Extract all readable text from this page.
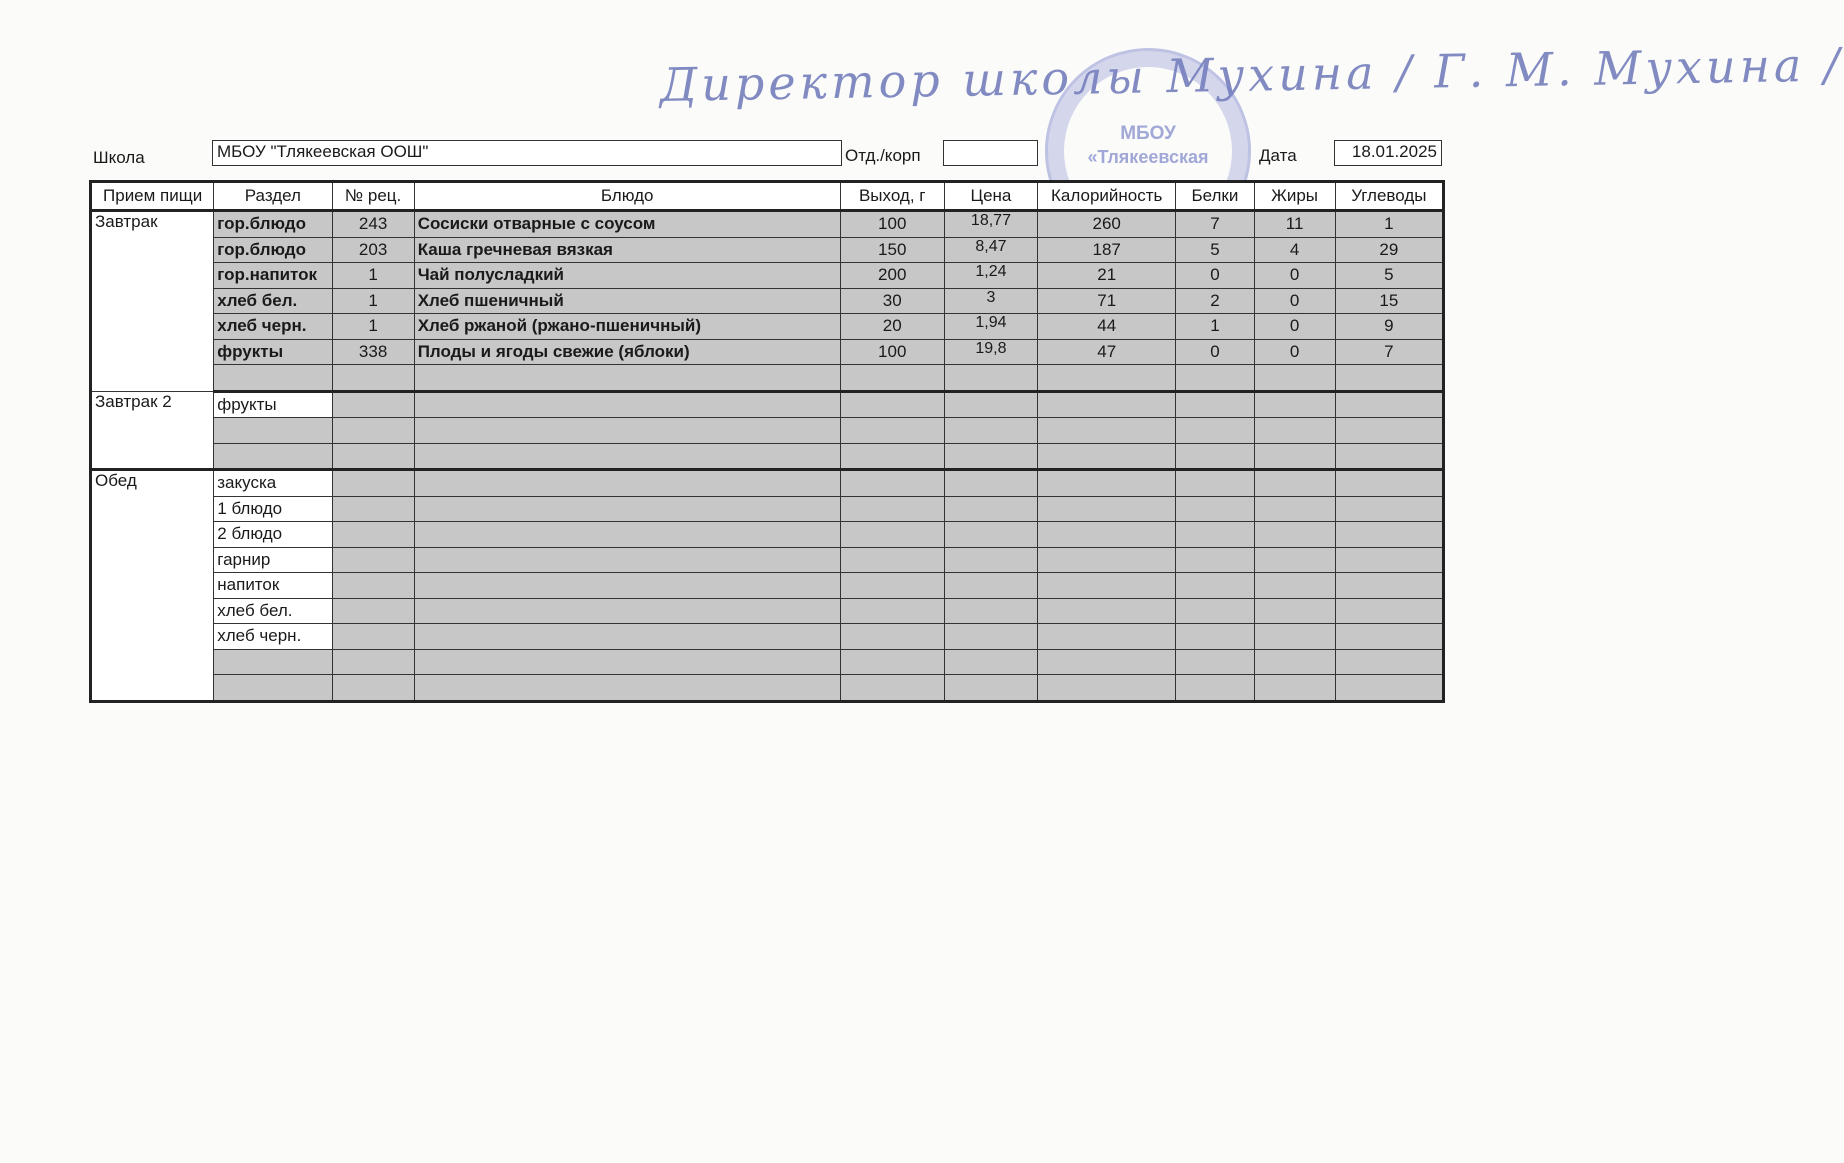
Директор школы Мухина / Г. М. Мухина /
МБОУ
«Тлякеевская
Школа	МБОУ "Тлякеевская ООШ"	Отд./корп	Дата	18.01.2025
Прием пищи	Раздел	№ рец.	Блюдо	Выход, г	Цена	Калорийность	Белки	Жиры	Углеводы
Завтрак	гор.блюдо	243	Сосиски отварные с соусом	100	18,77	260	7	11	1
	гор.блюдо	203	Каша гречневая вязкая	150	8,47	187	5	4	29
	гор.напиток	1	Чай полусладкий	200	1,24	21	0	0	5
	хлеб бел.	1	Хлеб пшеничный	30	3	71	2	0	15
	хлеб черн.	1	Хлеб ржаной (ржано-пшеничный)	20	1,94	44	1	0	9
	фрукты	338	Плоды и ягоды свежие (яблоки)	100	19,8	47	0	0	7

Завтрак 2	фрукты								

Обед	закуска								
	1 блюдо								
	2 блюдо								
	гарнир								
	напиток								
	хлеб бел.								
	хлеб черн.								
